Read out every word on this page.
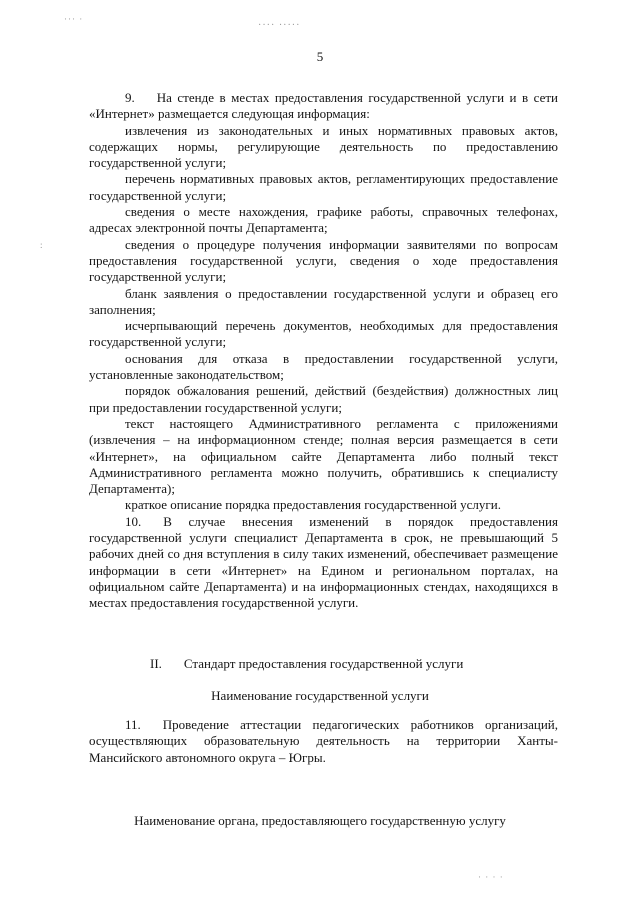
··· ·
···· ·····
:
· · · ·
5

9. На стенде в местах предоставления государственной услуги и в сети «Интернет» размещается следующая информация:

извлечения из законодательных и иных нормативных правовых актов, содержащих нормы, регулирующие деятельность по предоставлению государственной услуги;

перечень нормативных правовых актов, регламентирующих предоставление государственной услуги;

сведения о месте нахождения, графике работы, справочных телефонах, адресах электронной почты Департамента;

сведения о процедуре получения информации заявителями по вопросам предоставления государственной услуги, сведения о ходе предоставления государственной услуги;

бланк заявления о предоставлении государственной услуги и образец его заполнения;

исчерпывающий перечень документов, необходимых для предоставления государственной услуги;

основания для отказа в предоставлении государственной услуги, установленные законодательством;

порядок обжалования решений, действий (бездействия) должностных лиц при предоставлении государственной услуги;

текст настоящего Административного регламента с приложениями (извлечения – на информационном стенде; полная версия размещается в сети «Интернет», на официальном сайте Департамента либо полный текст Административного регламента можно получить, обратившись к специалисту Департамента);

краткое описание порядка предоставления государственной услуги.

10. В случае внесения изменений в порядок предоставления государственной услуги специалист Департамента в срок, не превышающий 5 рабочих дней со дня вступления в силу таких изменений, обеспечивает размещение информации в сети «Интернет» на Едином и региональном порталах, на официальном сайте Департамента) и на информационных стендах, находящихся в местах предоставления государственной услуги.

II. Стандарт предоставления государственной услуги
Наименование государственной услуги

11. Проведение аттестации педагогических работников организаций, осуществляющих образовательную деятельность на территории Ханты-Мансийского автономного округа – Югры.

Наименование органа, предоставляющего государственную услугу
